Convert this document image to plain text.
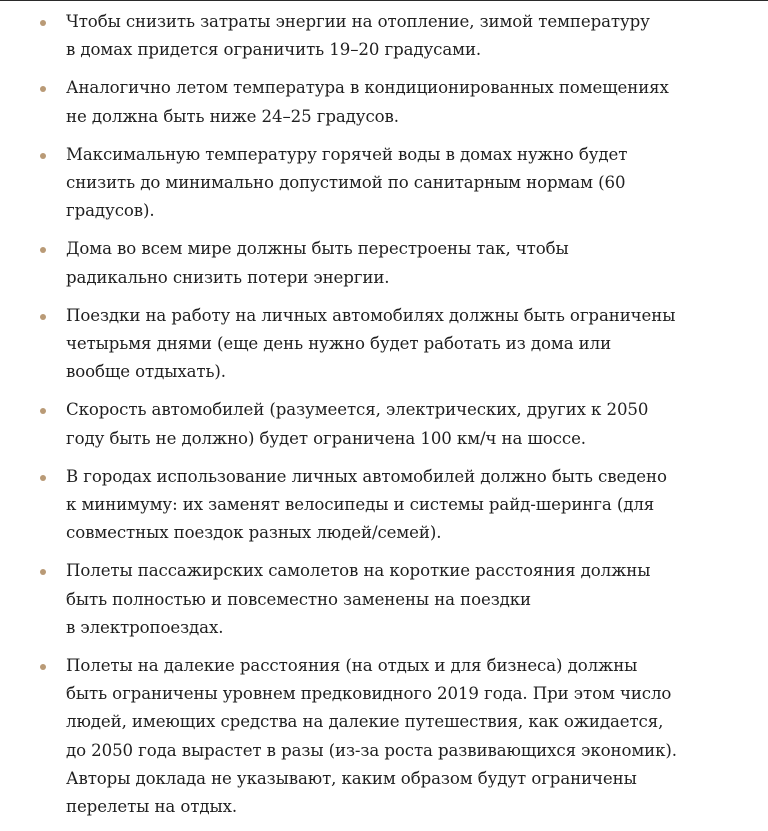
Чтобы снизить затраты энергии на отопление, зимой температуру
в домах придется ограничить 19–20 градусами.
Аналогично летом температура в кондиционированных помещениях
не должна быть ниже 24–25 градусов.
Максимальную температуру горячей воды в домах нужно будет
снизить до минимально допустимой по санитарным нормам (60
градусов).
Дома во всем мире должны быть перестроены так, чтобы
радикально снизить потери энергии.
Поездки на работу на личных автомобилях должны быть ограничены
четырьмя днями (еще день нужно будет работать из дома или
вообще отдыхать).
Скорость автомобилей (разумеется, электрических, других к 2050
году быть не должно) будет ограничена 100 км/ч на шоссе.
В городах использование личных автомобилей должно быть сведено
к минимуму: их заменят велосипеды и системы райд-шеринга (для
совместных поездок разных людей/семей).
Полеты пассажирских самолетов на короткие расстояния должны
быть полностью и повсеместно заменены на поездки
в электропоездах.
Полеты на далекие расстояния (на отдых и для бизнеса) должны
быть ограничены уровнем предковидного 2019 года. При этом число
людей, имеющих средства на далекие путешествия, как ожидается,
до 2050 года вырастет в разы (из-за роста развивающихся экономик).
Авторы доклада не указывают, каким образом будут ограничены
перелеты на отдых.
